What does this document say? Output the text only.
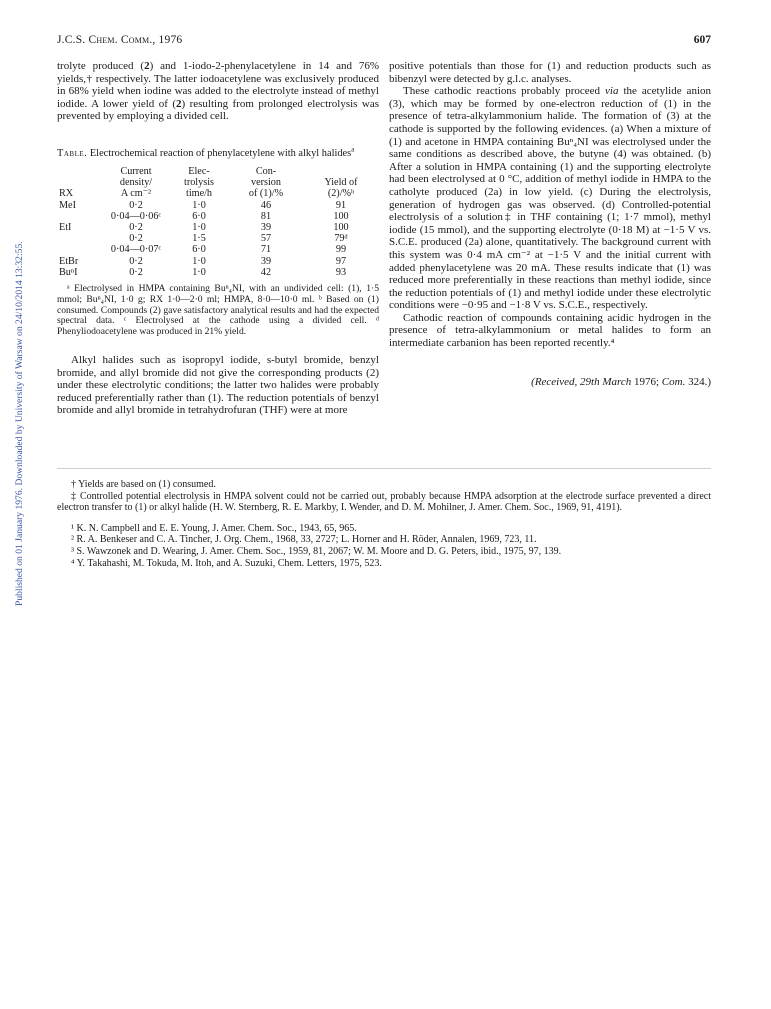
Published on 01 January 1976. Downloaded by University of Warsaw on 24/10/2014 13:32:55.
J.C.S. Chem. Comm., 1976	607

trolyte produced (2) and 1-iodo-2-phenylacetylene in 14 and 76% yields,† respectively. The latter iodoacetylene was exclusively produced in 68% yield when iodine was added to the electrolyte instead of methyl iodide. A lower yield of (2) resulting from prolonged electrolysis was prevented by employing a divided cell.

Table. Electrochemical reaction of phenylacetylene with alkyl halides$^a$
	Current	Elec-	Con-	
	density/	trolysis	version	Yield of
RX	A cm⁻²	time/h	of (1)/%	(2)/%ᵇ
MeI	0·2	1·0	46	91
	0·04—0·06ᶜ	6·0	81	100
EtI	0·2	1·0	39	100
	0·2	1·5	57	79ᵈ
	0·04—0·07ᶜ	6·0	71	99
EtBr	0·2	1·0	39	97
BuⁿI	0·2	1·0	42	93

ᵃ Electrolysed in HMPA containing Buⁿ₄NI, with an undivided cell: (1), 1·5 mmol; Buⁿ₄NI, 1·0 g; RX 1·0—2·0 ml; HMPA, 8·0—10·0 ml. ᵇ Based on (1) consumed. Compounds (2) gave satisfactory analytical results and had the expected spectral data. ᶜ Electrolysed at the cathode using a divided cell. ᵈ Phenyliodoacetylene was produced in 21% yield.

Alkyl halides such as isopropyl iodide, s-butyl bromide, benzyl bromide, and allyl bromide did not give the corresponding products (2) under these electrolytic conditions; the latter two halides were probably reduced preferentially rather than (1). The reduction potentials of benzyl bromide and allyl bromide in tetrahydrofuran (THF) were at more

positive potentials than those for (1) and reduction products such as bibenzyl were detected by g.l.c. analyses.

These cathodic reactions probably proceed via the acetylide anion (3), which may be formed by one-electron reduction of (1) in the presence of tetra-alkylammonium halide. The formation of (3) at the cathode is supported by the following evidences. (a) When a mixture of (1) and acetone in HMPA containing Buⁿ₄NI was electrolysed under the same conditions as described above, the butyne (4) was obtained. (b) After a solution in HMPA containing (1) and the supporting electrolyte had been electrolysed at 0 °C, addition of methyl iodide in HMPA to the catholyte produced (2a) in low yield. (c) During the electrolysis, generation of hydrogen gas was observed. (d) Controlled-potential electrolysis of a solution‡ in THF containing (1; 1·7 mmol), methyl iodide (15 mmol), and the supporting electrolyte (0·18 M) at −1·5 V vs. S.C.E. produced (2a) alone, quantitatively. The background current with this system was 0·4 mA cm⁻² at −1·5 V and the initial current with added phenylacetylene was 20 mA. These results indicate that (1) was reduced more preferentially in these reactions than methyl iodide, since the reduction potentials of (1) and methyl iodide under these electrolytic conditions were −0·95 and −1·8 V vs. S.C.E., respectively.

Cathodic reaction of compounds containing acidic hydrogen in the presence of tetra-alkylammonium or metal halides to form an intermediate carbanion has been reported recently.⁴

(Received, 29th March 1976; Com. 324.)

† Yields are based on (1) consumed.

‡ Controlled potential electrolysis in HMPA solvent could not be carried out, probably because HMPA adsorption at the electrode surface prevented a direct electron transfer to (1) or alkyl halide (H. W. Sternberg, R. E. Markby, I. Wender, and D. M. Mohilner, J. Amer. Chem. Soc., 1969, 91, 4191).

¹ K. N. Campbell and E. E. Young, J. Amer. Chem. Soc., 1943, 65, 965.

² R. A. Benkeser and C. A. Tincher, J. Org. Chem., 1968, 33, 2727; L. Horner and H. Röder, Annalen, 1969, 723, 11.

³ S. Wawzonek and D. Wearing, J. Amer. Chem. Soc., 1959, 81, 2067; W. M. Moore and D. G. Peters, ibid., 1975, 97, 139.

⁴ Y. Takahashi, M. Tokuda, M. Itoh, and A. Suzuki, Chem. Letters, 1975, 523.
